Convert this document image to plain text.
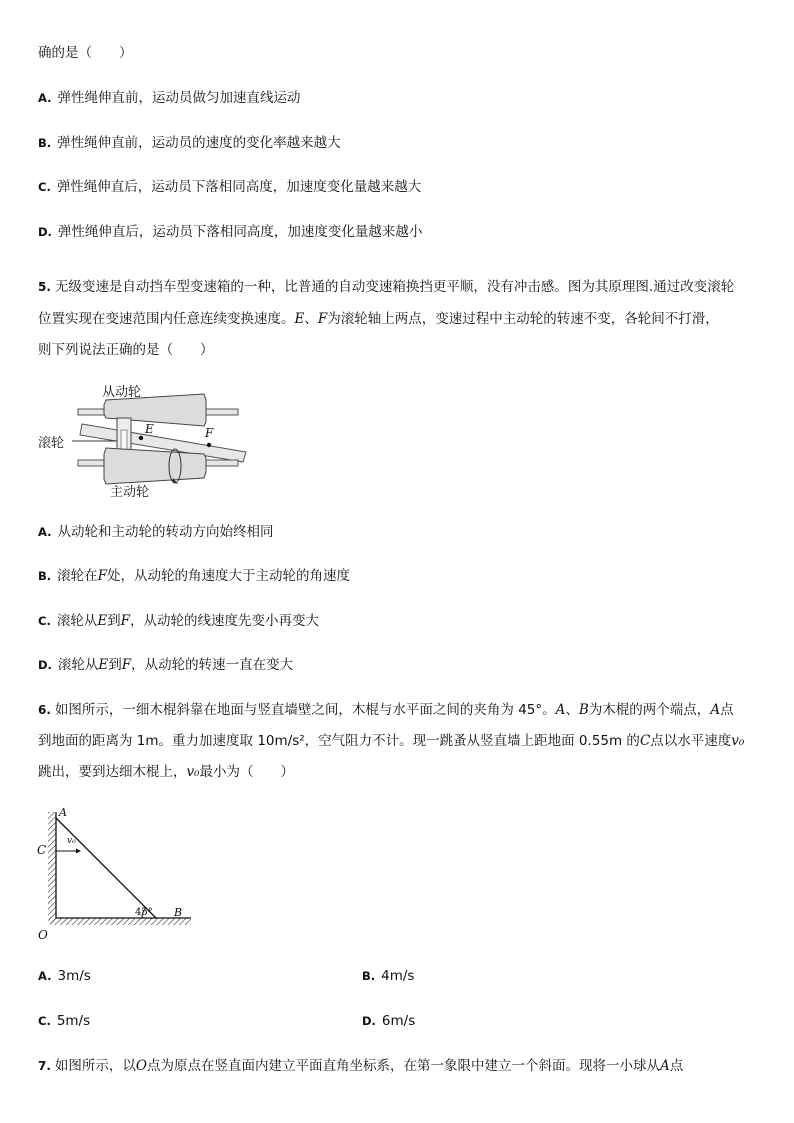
确的是（　　）
A. 弹性绳伸直前，运动员做匀加速直线运动
B. 弹性绳伸直前，运动员的速度的变化率越来越大
C. 弹性绳伸直后，运动员下落相同高度，加速度变化量越来越大
D. 弹性绳伸直后，运动员下落相同高度，加速度变化量越来越小
5. 无级变速是自动挡车型变速箱的一种，比普通的自动变速箱换挡更平顺，没有冲击感。图为其原理图.通过改变滚轮
位置实现在变速范围内任意连续变换速度。E、F为滚轮轴上两点，变速过程中主动轮的转速不变，各轮间不打滑，
则下列说法正确的是（　　）
从动轮
滚轮
主动轮
E	F
A. 从动轮和主动轮的转动方向始终相同
B. 滚轮在F处，从动轮的角速度大于主动轮的角速度
C. 滚轮从E到F，从动轮的线速度先变小再变大
D. 滚轮从E到F，从动轮的转速一直在变大
6. 如图所示，一细木棍斜靠在地面与竖直墙壁之间，木棍与水平面之间的夹角为 45°。A、B为木棍的两个端点，A点
到地面的距离为 1m。重力加速度取 10m/s²，空气阻力不计。现一跳蚤从竖直墙上距地面 0.55m 的C点以水平速度v₀
跳出，要到达细木棍上，v₀最小为（　　）
A
C
v₀
O
45° B
A. 3m/s	B. 4m/s
C. 5m/s	D. 6m/s
7. 如图所示，以O点为原点在竖直面内建立平面直角坐标系，在第一象限中建立一个斜面。现将一小球从A点
